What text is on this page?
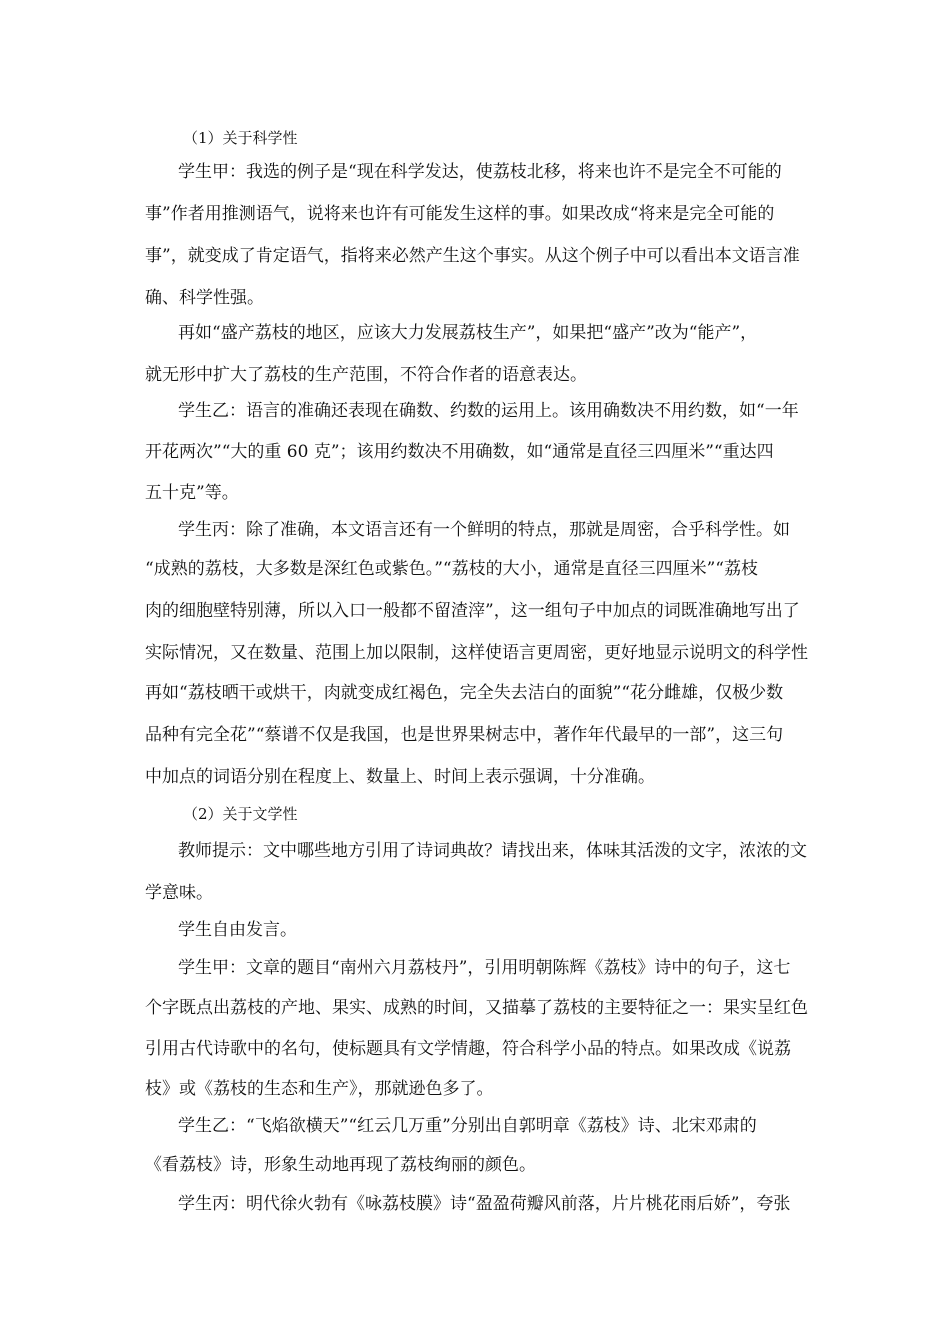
（1）关于科学性
学生甲：我选的例子是“现在科学发达，使荔枝北移，将来也许不是完全不可能的
事”作者用推测语气，说将来也许有可能发生这样的事。如果改成“将来是完全可能的
事”，就变成了肯定语气，指将来必然产生这个事实。从这个例子中可以看出本文语言准
确、科学性强。
再如“盛产荔枝的地区，应该大力发展荔枝生产”，如果把“盛产”改为“能产”，
就无形中扩大了荔枝的生产范围，不符合作者的语意表达。
学生乙：语言的准确还表现在确数、约数的运用上。该用确数决不用约数，如“一年
开花两次”“大的重 60 克”；该用约数决不用确数，如“通常是直径三四厘米”“重达四
五十克”等。
学生丙：除了准确，本文语言还有一个鲜明的特点，那就是周密，合乎科学性。如
“成熟的荔枝，大多数是深红色或紫色。”“荔枝的大小，通常是直径三四厘米”“荔枝
肉的细胞壁特别薄，所以入口一般都不留渣滓”，这一组句子中加点的词既准确地写出了
实际情况，又在数量、范围上加以限制，这样使语言更周密，更好地显示说明文的科学性
再如“荔枝晒干或烘干，肉就变成红褐色，完全失去洁白的面貌”“花分雌雄，仅极少数
品种有完全花”“蔡谱不仅是我国，也是世界果树志中，著作年代最早的一部”，这三句
中加点的词语分别在程度上、数量上、时间上表示强调，十分准确。
（2）关于文学性
教师提示：文中哪些地方引用了诗词典故？请找出来，体味其活泼的文字，浓浓的文
学意味。
学生自由发言。
学生甲：文章的题目“南州六月荔枝丹”，引用明朝陈辉《荔枝》诗中的句子，这七
个字既点出荔枝的产地、果实、成熟的时间，又描摹了荔枝的主要特征之一：果实呈红色
引用古代诗歌中的名句，使标题具有文学情趣，符合科学小品的特点。如果改成《说荔
枝》或《荔枝的生态和生产》，那就逊色多了。
学生乙：“飞焰欲横天”“红云几万重”分别出自郭明章《荔枝》诗、北宋邓肃的
《看荔枝》诗，形象生动地再现了荔枝绚丽的颜色。
学生丙：明代徐火勃有《咏荔枝膜》诗“盈盈荷瓣风前落，片片桃花雨后娇”，夸张
